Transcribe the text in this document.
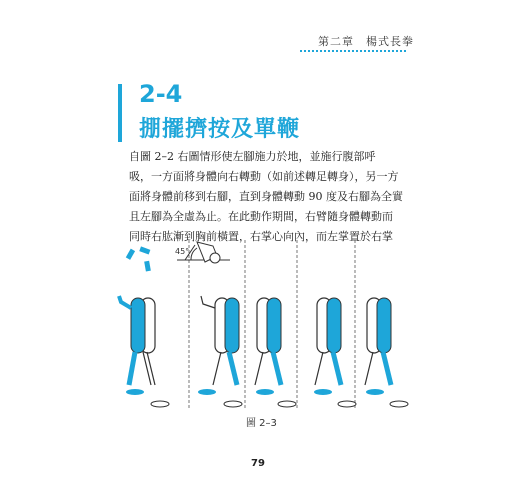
第二章　楊式長拳
2-4
掤擺擠按及單鞭

自圖 2–2 右圖情形使左腳施力於地，並施行腹部呼

吸，一方面將身體向右轉動（如前述轉足轉身），另一方

面將身體前移到右腳，直到身體轉動 90 度及右腳為全實

且左腳為全虛為止。在此動作期間，右臂隨身體轉動而

同時右肱漸到胸前橫置，右掌心向內，而左掌置於右掌

45°
圖 2–3
79
